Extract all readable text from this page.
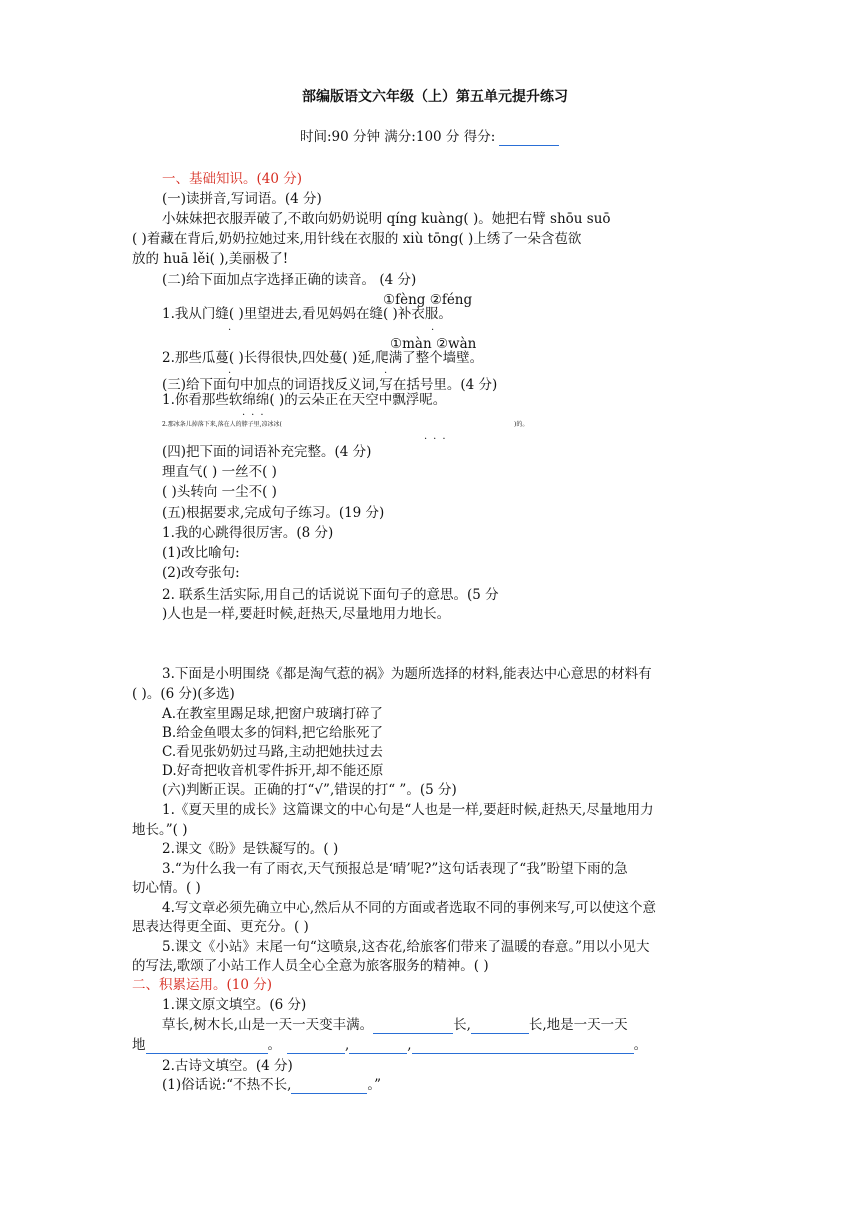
部编版语文六年级（上）第五单元提升练习
时间:90 分钟 满分:100 分 得分:
一、基础知识。(40 分)
(一)读拼音,写词语。(4 分)
小妹妹把衣服弄破了,不敢向奶奶说明 qíng kuàng( )。她把右臂 shōu suō
( )着藏在背后,奶奶拉她过来,用针线在衣服的 xiù tōng( )上绣了一朵含苞欲
放的 huā lěi( ),美丽极了!
(二)给下面加点字选择正确的读音。 (4 分)
①fèng ②féng
1.我从门缝( )里望进去,看见妈妈在缝( )补衣服。
.	.
①màn ②wàn
2.那些瓜蔓( )长得很快,四处蔓( )延,爬满了整个墙壁。
.	.
(三)给下面句中加点的词语找反义词,写在括号里。(4 分)
1.你看那些软绵绵( )的云朵正在天空中飘浮呢。
...
2.那冰条儿掉落下来,落在人的脖子里,凉冰冰(	)的。
...
(四)把下面的词语补充完整。(4 分)
理直气( ) 一丝不( )
( )头转向 一尘不( )
(五)根据要求,完成句子练习。(19 分)
1.我的心跳得很厉害。(8 分)
(1)改比喻句:
(2)改夸张句:
2. 联系生活实际,用自己的话说说下面句子的意思。(5 分
)人也是一样,要赶时候,赶热天,尽量地用力地长。
3.下面是小明围绕《都是淘气惹的祸》为题所选择的材料,能表达中心意思的材料有
( )。(6 分)(多选)
A.在教室里踢足球,把窗户玻璃打碎了
B.给金鱼喂太多的饲料,把它给胀死了
C.看见张奶奶过马路,主动把她扶过去
D.好奇把收音机零件拆开,却不能还原
(六)判断正误。正确的打“√”,错误的打“ ”。(5 分)
1.《夏天里的成长》这篇课文的中心句是“人也是一样,要赶时候,赶热天,尽量地用力
地长。”( )
2.课文《盼》是铁凝写的。( )
3.“为什么我一有了雨衣,天气预报总是‘晴’呢?”这句话表现了“我”盼望下雨的急
切心情。( )
4.写文章必须先确立中心,然后从不同的方面或者选取不同的事例来写,可以使这个意
思表达得更全面、更充分。( )
5.课文《小站》末尾一句“这喷泉,这杏花,给旅客们带来了温暖的春意。”用以小见大
的写法,歌颂了小站工作人员全心全意为旅客服务的精神。( )
二、积累运用。(10 分)
1.课文原文填空。(6 分)
草长,树木长,山是一天一天变丰满。	长,	长,地是一天一天
地	。	,	,	。
2.古诗文填空。(4 分)
(1)俗话说:“不热不长,	。”
